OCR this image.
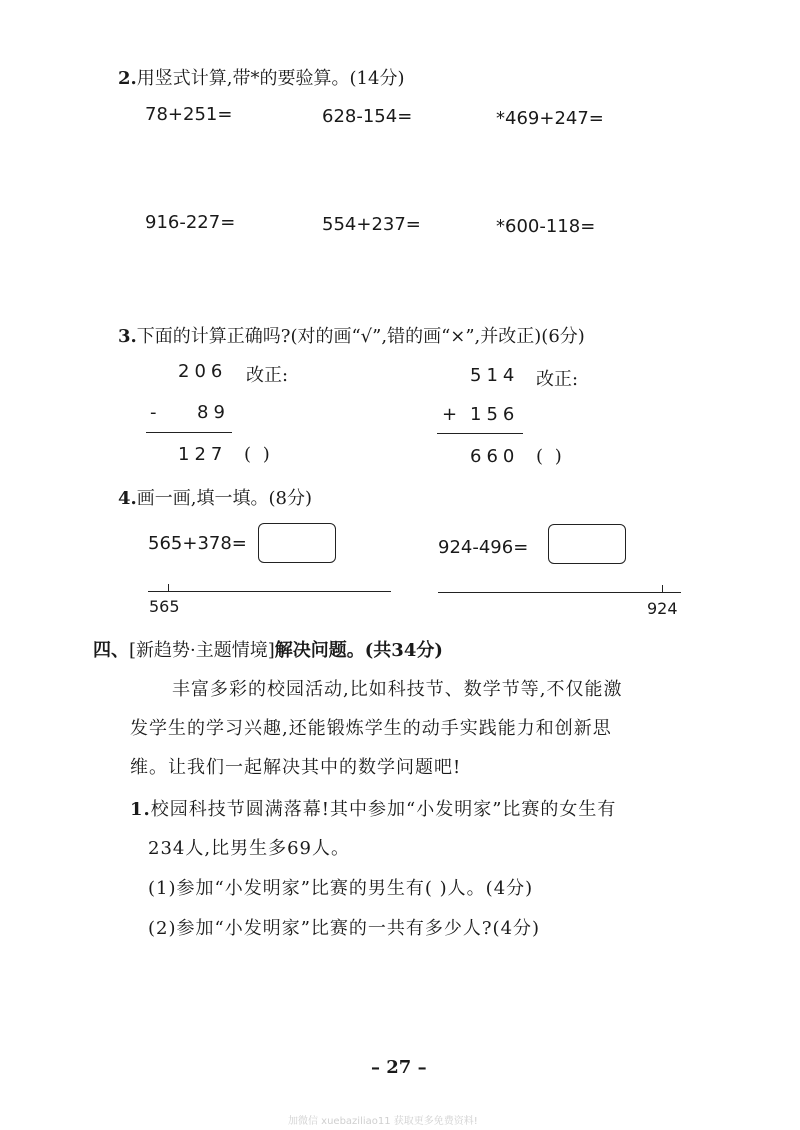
2.用竖式计算,带*的要验算。(14分)
78+251=	628-154=	*469+247=
916-227=	554+237=	*600-118=
3.下面的计算正确吗?(对的画“√”,错的画“×”,并改正)(6分)
206 改正:
- 89
127 ( )
514 改正:
+ 156
660 ( )
4.画一画,填一填。(8分)
565+378=	924-496=
565	924
四、[新趋势·主题情境]解决问题。(共34分)
丰富多彩的校园活动,比如科技节、数学节等,不仅能激
发学生的学习兴趣,还能锻炼学生的动手实践能力和创新思
维。让我们一起解决其中的数学问题吧!
1.校园科技节圆满落幕!其中参加“小发明家”比赛的女生有
234人,比男生多69人。
(1)参加“小发明家”比赛的男生有( )人。(4分)
(2)参加“小发明家”比赛的一共有多少人?(4分)
– 27 –
加微信 xuebaziliao11 获取更多免费资料!
